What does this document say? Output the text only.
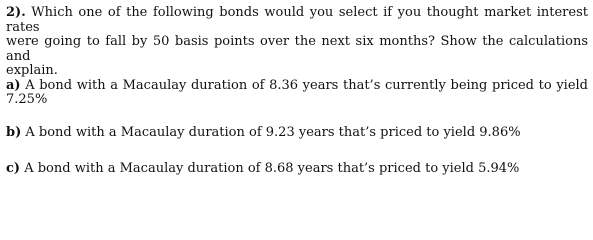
2). Which one of the following bonds would you select if you thought market interest rates

were going to fall by 50 basis points over the next six months? Show the calculations and

explain.

a) A bond with a Macaulay duration of 8.36 years that’s currently being priced to yield

7.25%

b) A bond with a Macaulay duration of 9.23 years that’s priced to yield 9.86%

c) A bond with a Macaulay duration of 8.68 years that’s priced to yield 5.94%
